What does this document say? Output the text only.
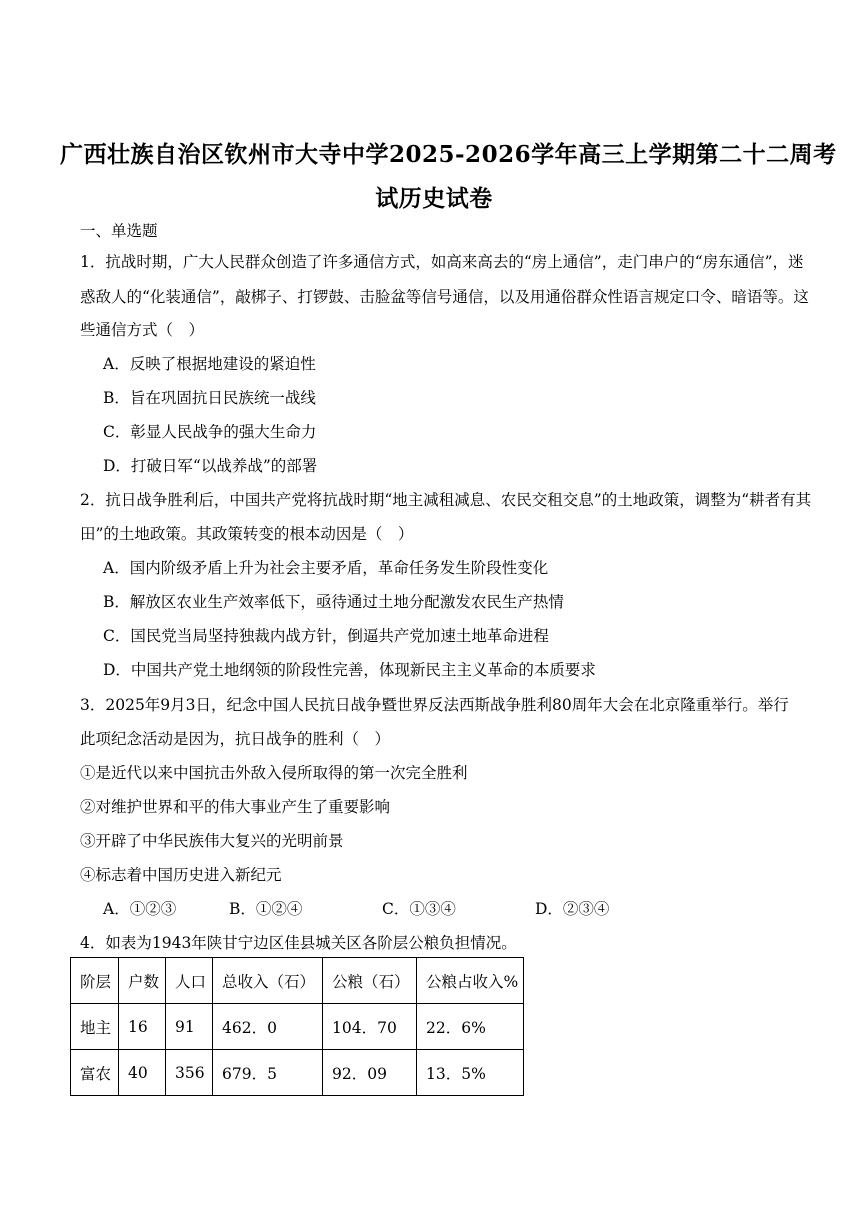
广西壮族自治区钦州市大寺中学2025-2026学年高三上学期第二十二周考
试历史试卷
一、单选题
1．抗战时期，广大人民群众创造了许多通信方式，如高来高去的“房上通信”，走门串户的“房东通信”，迷
惑敌人的“化装通信”，敲梆子、打锣鼓、击脸盆等信号通信，以及用通俗群众性语言规定口令、暗语等。这
些通信方式（　）
A．反映了根据地建设的紧迫性
B．旨在巩固抗日民族统一战线
C．彰显人民战争的强大生命力
D．打破日军“以战养战”的部署
2．抗日战争胜利后，中国共产党将抗战时期“地主减租减息、农民交租交息”的土地政策，调整为“耕者有其
田”的土地政策。其政策转变的根本动因是（　）
A．国内阶级矛盾上升为社会主要矛盾，革命任务发生阶段性变化
B．解放区农业生产效率低下，亟待通过土地分配激发农民生产热情
C．国民党当局坚持独裁内战方针，倒逼共产党加速土地革命进程
D．中国共产党土地纲领的阶段性完善，体现新民主主义革命的本质要求
3．2025年9月3日，纪念中国人民抗日战争暨世界反法西斯战争胜利80周年大会在北京隆重举行。举行
此项纪念活动是因为，抗日战争的胜利（　）
①是近代以来中国抗击外敌入侵所取得的第一次完全胜利
②对维护世界和平的伟大事业产生了重要影响
③开辟了中华民族伟大复兴的光明前景
④标志着中国历史进入新纪元
A．①②③	B．①②④	C．①③④	D．②③④
4．如表为1943年陕甘宁边区佳县城关区各阶层公粮负担情况。
阶层	户数	人口	总收入（石）	公粮（石）	公粮占收入%
地主	16	91	462．0	104．70	22．6%
富农	40	356	679．5	92．09	13．5%
